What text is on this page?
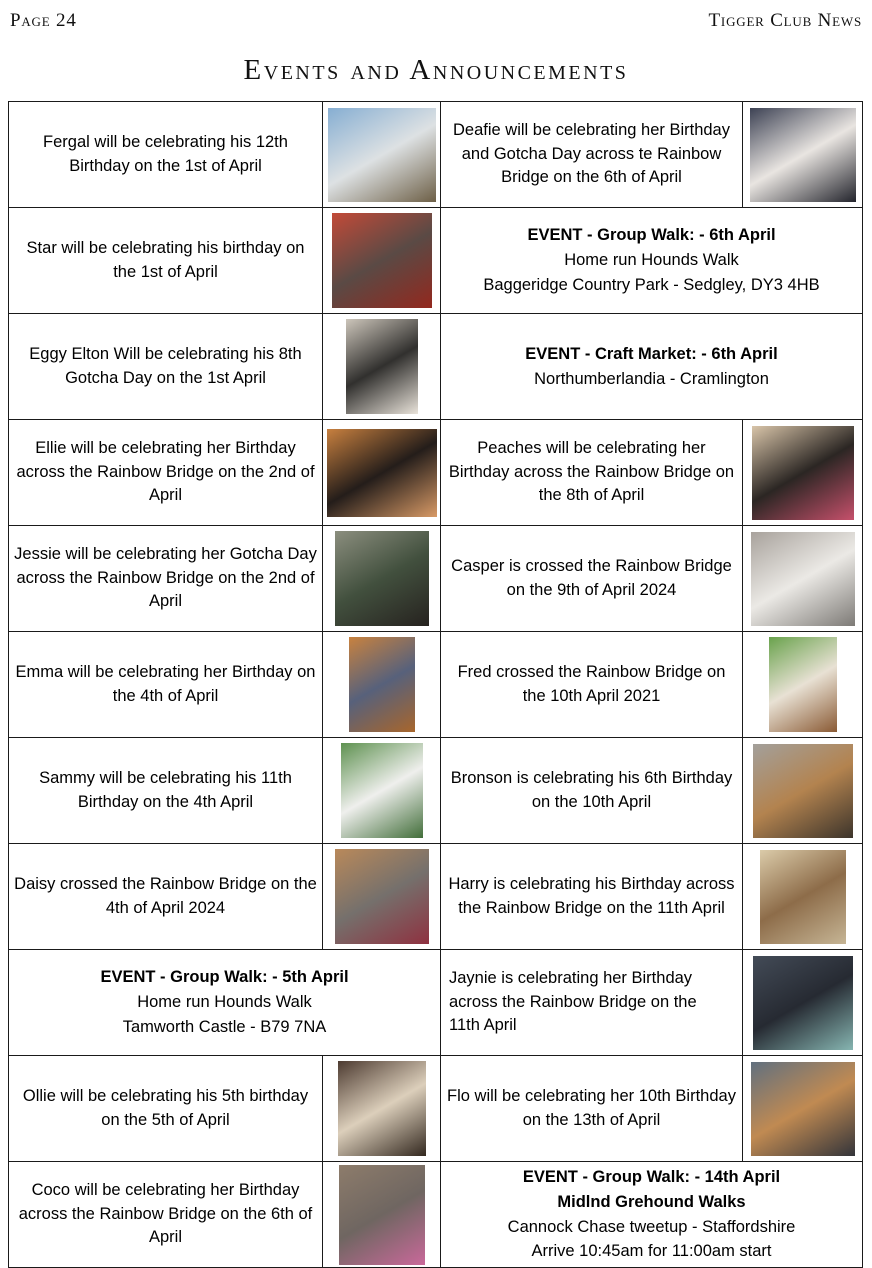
Page 24	Tigger Club News
Events and Announcements
Fergal will be celebrating his 12th Birthday on the 1st of April		Deafie will be celebrating her Birthday and Gotcha Day across te Rainbow Bridge on the 6th of April	
Star will be celebrating his birthday on the 1st of April		EVENT - Group Walk: - 6th April
Home run Hounds Walk
Baggeridge Country Park - Sedgley, DY3 4HB	

Eggy Elton Will be celebrating his 8th Gotcha Day on the 1st April		EVENT - Craft Market: - 6th April
Northumberlandia - Cramlington	

Ellie will be celebrating her Birthday across the Rainbow Bridge on the 2nd of April		Peaches will be celebrating her Birthday across the Rainbow Bridge on the 8th of April	
Jessie will be celebrating her Gotcha Day across the Rainbow Bridge on the 2nd of April		Casper is crossed the Rainbow Bridge on the 9th of April 2024	
Emma will be celebrating her Birthday on the 4th of April		Fred crossed the Rainbow Bridge on the 10th April 2021	
Sammy will be celebrating his 11th Birthday on the 4th April		Bronson is celebrating his 6th Birthday on the 10th April	
Daisy crossed the Rainbow Bridge on the 4th of April 2024		Harry is celebrating his Birthday across the Rainbow Bridge on the 11th April	

EVENT - Group Walk: - 5th April
Home run Hounds Walk
Tamworth Castle - B79 7NA		Jaynie is celebrating her Birthday across the Rainbow Bridge on the 11th April	
Ollie will be celebrating his 5th birthday on the 5th of April		Flo will be celebrating her 10th Birthday on the 13th of April	
Coco will be celebrating her Birthday across the Rainbow Bridge on the 6th of April		EVENT - Group Walk: - 14th April
Midlnd Grehound Walks
Cannock Chase tweetup - Staffordshire
Arrive 10:45am for 11:00am start	
